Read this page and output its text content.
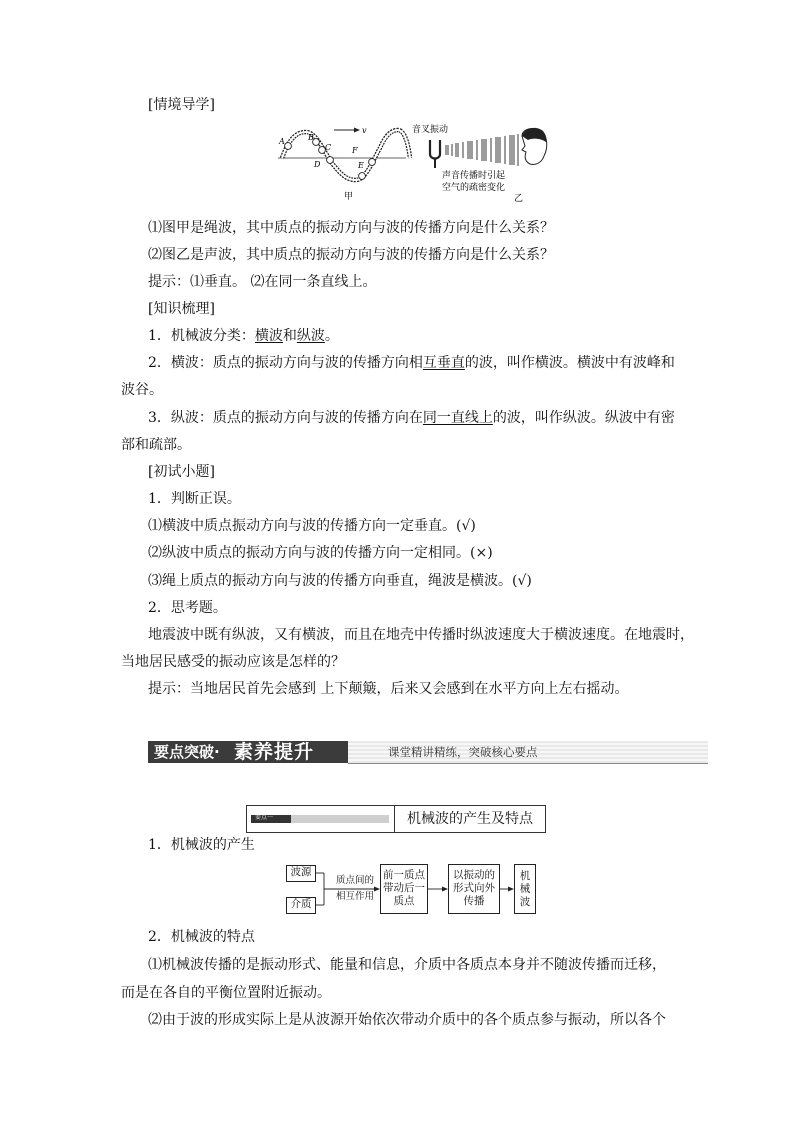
[情境导学]
v
A	B
C
D	E
F
甲
音叉振动
声音传播时引起
空气的疏密变化
乙
⑴图甲是绳波，其中质点的振动方向与波的传播方向是什么关系？
⑵图乙是声波，其中质点的振动方向与波的传播方向是什么关系？
提示：⑴垂直。 ⑵在同一条直线上。
[知识梳理]
1．机械波分类：横波和纵波。
2．横波：质点的振动方向与波的传播方向相互垂直的波，叫作横波。横波中有波峰和
波谷。
3．纵波：质点的振动方向与波的传播方向在同一直线上的波，叫作纵波。纵波中有密
部和疏部。
[初试小题]
1．判断正误。
⑴横波中质点振动方向与波的传播方向一定垂直。(√)
⑵纵波中质点的振动方向与波的传播方向一定相同。(×)
⑶绳上质点的振动方向与波的传播方向垂直，绳波是横波。(√)
2．思考题。
地震波中既有纵波，又有横波，而且在地壳中传播时纵波速度大于横波速度。在地震时，
当地居民感受的振动应该是怎样的？
提示：当地居民首先会感到 上下颠簸，后来又会感到在水平方向上左右摇动。
要点突破· 素养提升	课堂精讲精练，突破核心要点
要点一	机械波的产生及特点
1．机械波的产生
波源
介质
质点间的
相互作用
前一质点
带动后一
质点
以振动的
形式向外
传播
机
械
波
2．机械波的特点
⑴机械波传播的是振动形式、能量和信息，介质中各质点本身并不随波传播而迁移，
而是在各自的平衡位置附近振动。
⑵由于波的形成实际上是从波源开始依次带动介质中的各个质点参与振动，所以各个
